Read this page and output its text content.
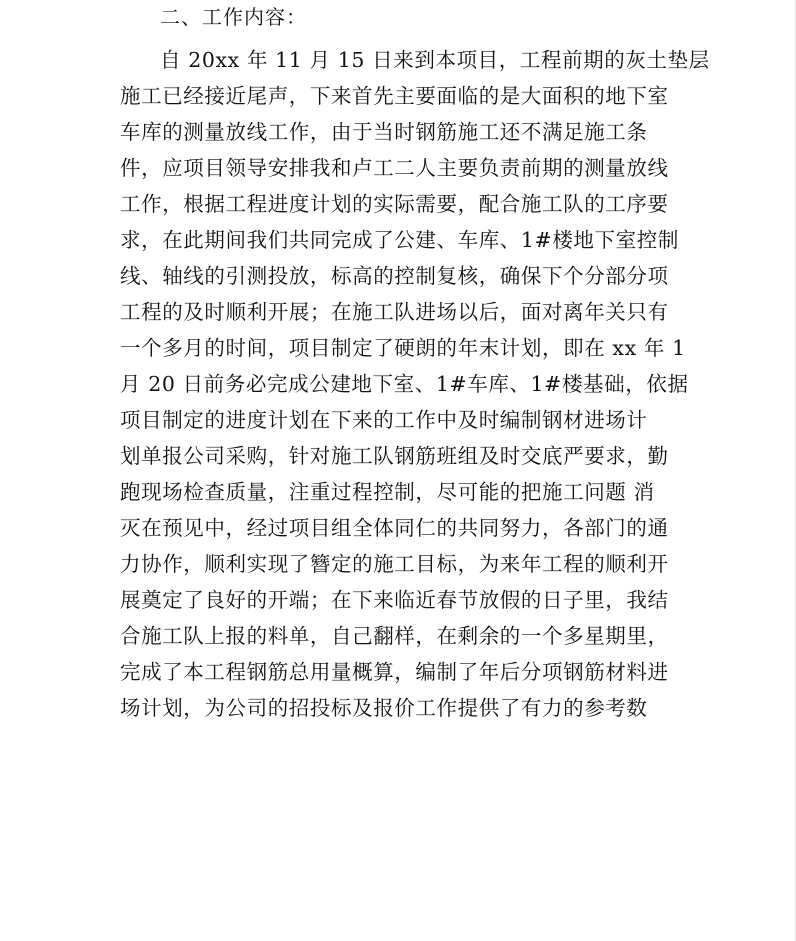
二、工作内容：
自 20xx 年 11 月 15 日来到本项目，工程前期的灰土垫层
施工已经接近尾声，下来首先主要面临的是大面积的地下室
车库的测量放线工作，由于当时钢筋施工还不满足施工条
件，应项目领导安排我和卢工二人主要负责前期的测量放线
工作，根据工程进度计划的实际需要，配合施工队的工序要
求，在此期间我们共同完成了公建、车库、1#楼地下室控制
线、轴线的引测投放，标高的控制复核，确保下个分部分项
工程的及时顺利开展；在施工队进场以后，面对离年关只有
一个多月的时间，项目制定了硬朗的年末计划，即在 xx 年 1
月 20 日前务必完成公建地下室、1#车库、1#楼基础，依据
项目制定的进度计划在下来的工作中及时编制钢材进场计
划单报公司采购，针对施工队钢筋班组及时交底严要求，勤
跑现场检查质量，注重过程控制，尽可能的把施工问题 消
灭在预见中，经过项目组全体同仁的共同努力，各部门的通
力协作，顺利实现了簪定的施工目标，为来年工程的顺利开
展奠定了良好的开端；在下来临近春节放假的日子里，我结
合施工队上报的料单，自己翻样，在剩余的一个多星期里，
完成了本工程钢筋总用量概算，编制了年后分项钢筋材料进
场计划，为公司的招投标及报价工作提供了有力的参考数
